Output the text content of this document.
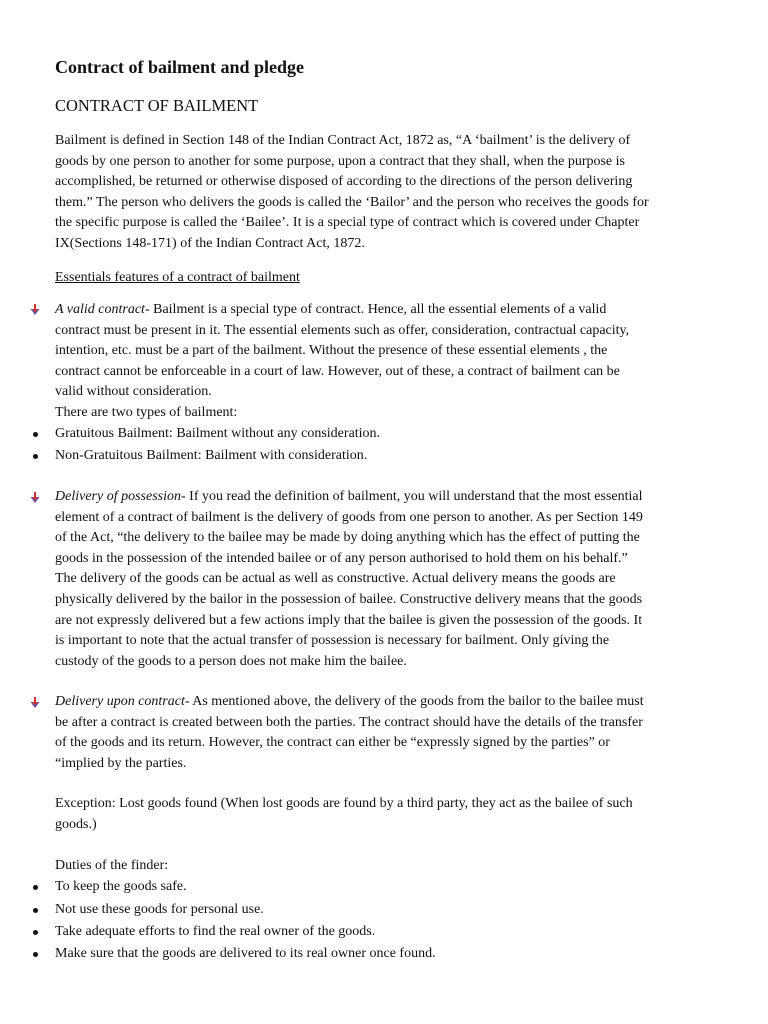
Contract of bailment and pledge
CONTRACT OF BAILMENT
Bailment is defined in Section 148 of the Indian Contract Act, 1872 as, “A ‘bailment’ is the delivery of
goods by one person to another for some purpose, upon a contract that they shall, when the purpose is
accomplished, be returned or otherwise disposed of according to the directions of the person delivering
them.” The person who delivers the goods is called the ‘Bailor’ and the person who receives the goods for
the specific purpose is called the ‘Bailee’. It is a special type of contract which is covered under Chapter
IX(Sections 148-171) of the Indian Contract Act, 1872.
Essentials features of a contract of bailment
A valid contract- Bailment is a special type of contract. Hence, all the essential elements of a valid
contract must be present in it. The essential elements such as offer, consideration, contractual capacity,
intention, etc. must be a part of the bailment. Without the presence of these essential elements , the
contract cannot be enforceable in a court of law. However, out of these, a contract of bailment can be
valid without consideration.
There are two types of bailment:
Gratuitous Bailment: Bailment without any consideration.
Non-Gratuitous Bailment: Bailment with consideration.
Delivery of possession- If you read the definition of bailment, you will understand that the most essential
element of a contract of bailment is the delivery of goods from one person to another. As per Section 149
of the Act, “the delivery to the bailee may be made by doing anything which has the effect of putting the
goods in the possession of the intended bailee or of any person authorised to hold them on his behalf.”
The delivery of the goods can be actual as well as constructive. Actual delivery means the goods are
physically delivered by the bailor in the possession of bailee. Constructive delivery means that the goods
are not expressly delivered but a few actions imply that the bailee is given the possession of the goods. It
is important to note that the actual transfer of possession is necessary for bailment. Only giving the
custody of the goods to a person does not make him the bailee.
Delivery upon contract- As mentioned above, the delivery of the goods from the bailor to the bailee must
be after a contract is created between both the parties. The contract should have the details of the transfer
of the goods and its return. However, the contract can either be “expressly signed by the parties” or
“implied by the parties.
Exception: Lost goods found (When lost goods are found by a third party, they act as the bailee of such
goods.)
Duties of the finder:
To keep the goods safe.
Not use these goods for personal use.
Take adequate efforts to find the real owner of the goods.
Make sure that the goods are delivered to its real owner once found.
